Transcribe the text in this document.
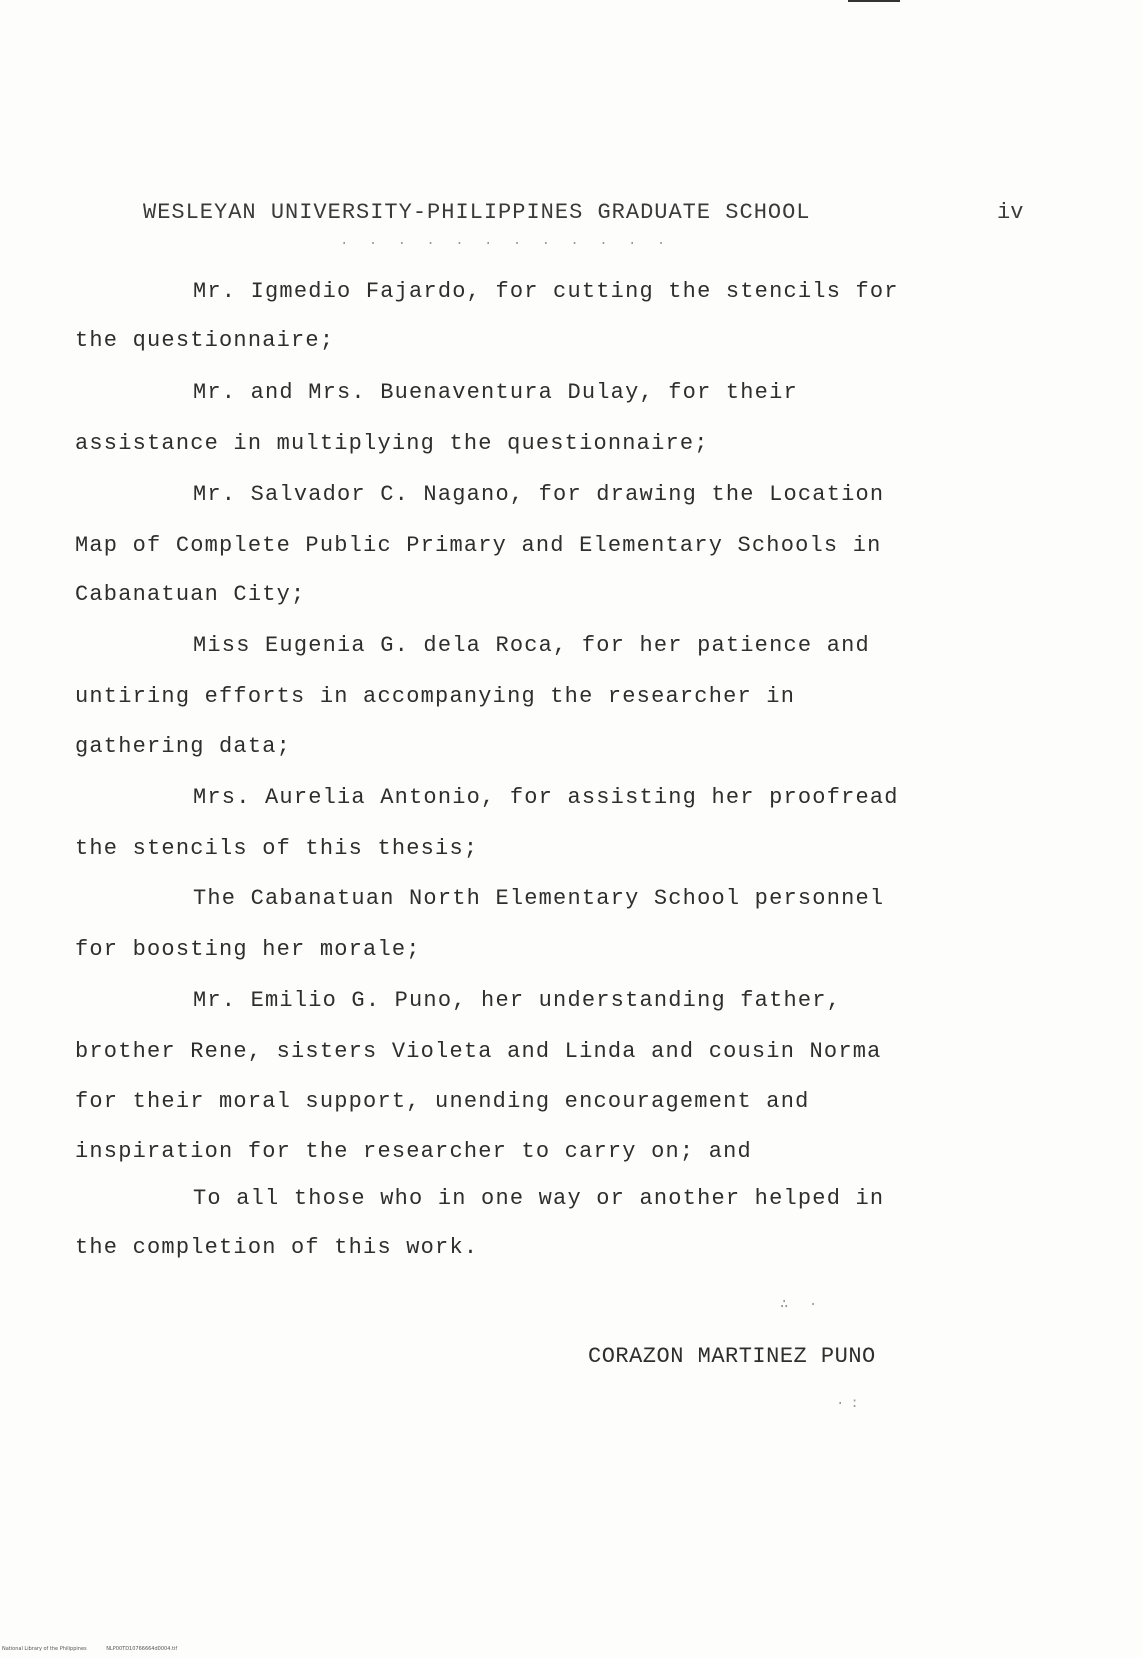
WESLEYAN UNIVERSITY-PHILIPPINES GRADUATE SCHOOL	iv
· · · · · · · · · · · ·
Mr. Igmedio Fajardo, for cutting the stencils for
the questionnaire;
Mr. and Mrs. Buenaventura Dulay, for their
assistance in multiplying the questionnaire;
Mr. Salvador C. Nagano, for drawing the Location
Map of Complete Public Primary and Elementary Schools in
Cabanatuan City;
Miss Eugenia G. dela Roca, for her patience and
untiring efforts in accompanying the researcher in
gathering data;
Mrs. Aurelia Antonio, for assisting her proofread
the stencils of this thesis;
The Cabanatuan North Elementary School personnel
for boosting her morale;
Mr. Emilio G. Puno, her understanding father,
brother Rene, sisters Violeta and Linda and cousin Norma
for their moral support, unending encouragement and
inspiration for the researcher to carry on; and
To all those who in one way or another helped in
the completion of this work.
∴ ·
CORAZON MARTINEZ PUNO
·:
National Library of the Philippines	NLP00TD10766664d0004.tif
